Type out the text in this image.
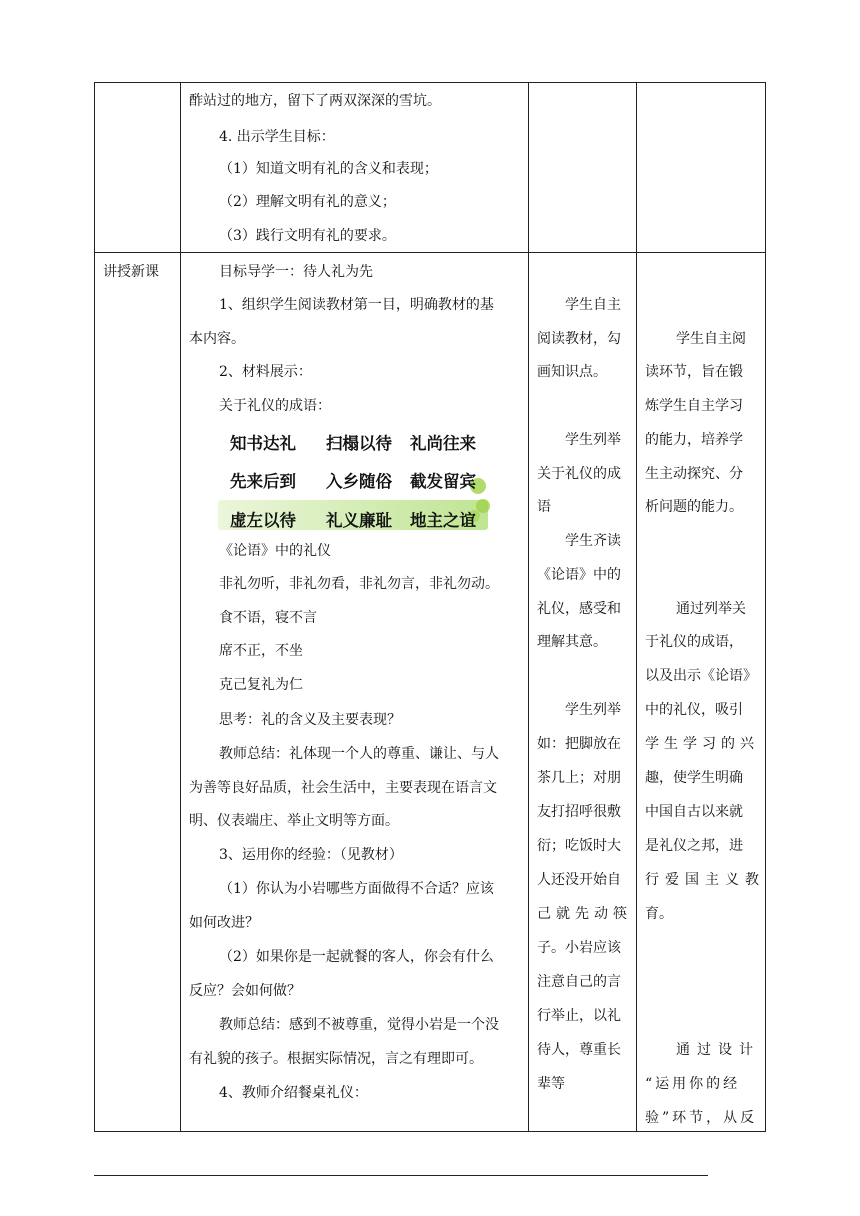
酢站过的地方，留下了两双深深的雪坑。
4. 出示学生目标：
（1）知道文明有礼的含义和表现；
（2）理解文明有礼的意义；
（3）践行文明有礼的要求。
讲授新课	目标导学一：待人礼为先
1、组织学生阅读教材第一目，明确教材的基
本内容。
2、材料展示：
关于礼仪的成语：
知书达礼 扫榻以待 礼尚往来
先来后到 入乡随俗 截发留宾
虚左以待 礼义廉耻 地主之谊
《论语》中的礼仪
非礼勿听，非礼勿看，非礼勿言，非礼勿动。
食不语，寝不言
席不正，不坐
克己复礼为仁
思考：礼的含义及主要表现？
教师总结：礼体现一个人的尊重、谦让、与人
为善等良好品质，社会生活中，主要表现在语言文
明、仪表端庄、举止文明等方面。
3、运用你的经验：（见教材）
（1）你认为小岩哪些方面做得不合适？应该
如何改进？
（2）如果你是一起就餐的客人，你会有什么
反应？会如何做？
教师总结：感到不被尊重，觉得小岩是一个没
有礼貌的孩子。根据实际情况，言之有理即可。
4、教师介绍餐桌礼仪：
学生自主
阅读教材，勾
画知识点。
学生列举
关于礼仪的成
语
学生齐读
《论语》中的
礼仪，感受和
理解其意。
学生列举
如：把脚放在
茶几上；对朋
友打招呼很敷
衍；吃饭时大
人还没开始自
己就先动筷
子。小岩应该
注意自己的言
行举止，以礼
待人，尊重长
辈等
学生自主阅
读环节，旨在锻
炼学生自主学习
的能力，培养学
生主动探究、分
析问题的能力。
通过列举关
于礼仪的成语，
以及出示《论语》
中的礼仪，吸引
学生学习的兴
趣，使学生明确
中国自古以来就
是礼仪之邦，进
行爱国主义教
育。
通过设计
“运用你的经
验”环节，从反
